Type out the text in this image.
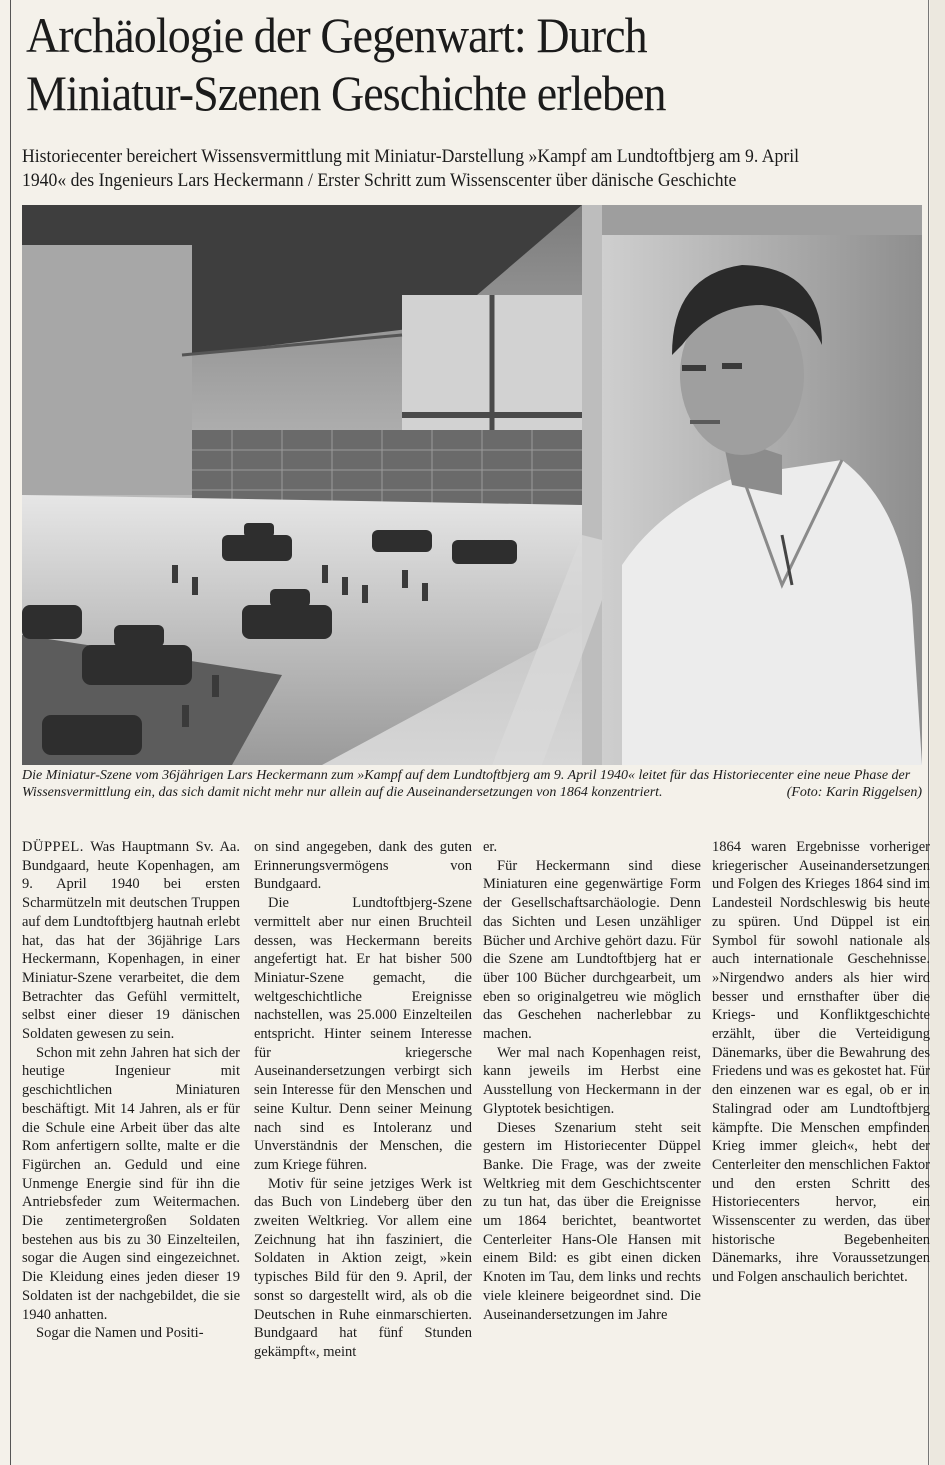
Archäologie der Gegenwart: Durch
Miniatur-Szenen Geschichte erleben

Historiecenter bereichert Wissensvermittlung mit Miniatur-Darstellung »Kampf am Lundtoftbjerg am 9. April
1940« des Ingenieurs Lars Heckermann / Erster Schritt zum Wissenscenter über dänische Geschichte

Die Miniatur-Szene vom 36jährigen Lars Heckermann zum »Kampf auf dem Lundtoftbjerg am 9. April 1940« leitet für das Historiecenter eine neue Phase der Wissensvermittlung ein, das sich damit nicht mehr nur allein auf die Auseinandersetzungen von 1864 konzentriert.	(Foto: Karin Riggelsen)

DÜPPEL. Was Hauptmann Sv. Aa. Bundgaard, heute Kopenhagen, am 9. April 1940 bei ersten Scharmützeln mit deutschen Truppen auf dem Lundtoftbjerg hautnah erlebt hat, das hat der 36jährige Lars Heckermann, Kopenhagen, in einer Miniatur-Szene verarbeitet, die dem Betrachter das Gefühl vermittelt, selbst einer dieser 19 dänischen Soldaten gewesen zu sein.

Schon mit zehn Jahren hat sich der heutige Ingenieur mit geschichtlichen Miniaturen beschäftigt. Mit 14 Jahren, als er für die Schule eine Arbeit über das alte Rom anfertigern sollte, malte er die Figürchen an. Geduld und eine Unmenge Energie sind für ihn die Antriebsfeder zum Weitermachen. Die zentimetergroßen Soldaten bestehen aus bis zu 30 Einzelteilen, sogar die Augen sind eingezeichnet. Die Kleidung eines jeden dieser 19 Soldaten ist der nachgebildet, die sie 1940 anhatten.

Sogar die Namen und Positi-

on sind angegeben, dank des guten Erinnerungsvermögens von Bundgaard.

Die Lundtoftbjerg-Szene vermittelt aber nur einen Bruchteil dessen, was Heckermann bereits angefertigt hat. Er hat bisher 500 Miniatur-Szene gemacht, die weltgeschichtliche Ereignisse nachstellen, was 25.000 Einzelteilen entspricht. Hinter seinem Interesse für kriegersche Auseinandersetzungen verbirgt sich sein Interesse für den Menschen und seine Kultur. Denn seiner Meinung nach sind es Intoleranz und Unverständnis der Menschen, die zum Kriege führen.

Motiv für seine jetziges Werk ist das Buch von Lindeberg über den zweiten Weltkrieg. Vor allem eine Zeichnung hat ihn fasziniert, die Soldaten in Aktion zeigt, »kein typisches Bild für den 9. April, der sonst so dargestellt wird, als ob die Deutschen in Ruhe einmarschierten. Bundgaard hat fünf Stunden gekämpft«, meint

er.

Für Heckermann sind diese Miniaturen eine gegenwärtige Form der Gesellschaftsarchäologie. Denn das Sichten und Lesen unzähliger Bücher und Archive gehört dazu. Für die Szene am Lundtoftbjerg hat er über 100 Bücher durchgearbeit, um eben so originalgetreu wie möglich das Geschehen nacherlebbar zu machen.

Wer mal nach Kopenhagen reist, kann jeweils im Herbst eine Ausstellung von Heckermann in der Glyptotek besichtigen.

Dieses Szenarium steht seit gestern im Historiecenter Düppel Banke. Die Frage, was der zweite Weltkrieg mit dem Geschichtscenter zu tun hat, das über die Ereignisse um 1864 berichtet, beantwortet Centerleiter Hans-Ole Hansen mit einem Bild: es gibt einen dicken Knoten im Tau, dem links und rechts viele kleinere beigeordnet sind. Die Auseinandersetzungen im Jahre

1864 waren Ergebnisse vorheriger kriegerischer Auseinandersetzungen und Folgen des Krieges 1864 sind im Landesteil Nordschleswig bis heute zu spüren. Und Düppel ist ein Symbol für sowohl nationale als auch internationale Geschehnisse. »Nirgendwo anders als hier wird besser und ernsthafter über die Kriegs- und Konfliktgeschichte erzählt, über die Verteidigung Dänemarks, über die Bewahrung des Friedens und was es gekostet hat. Für den einzenen war es egal, ob er in Stalingrad oder am Lundtoftbjerg kämpfte. Die Menschen empfinden Krieg immer gleich«, hebt der Centerleiter den menschlichen Faktor und den ersten Schritt des Historiecenters hervor, ein Wissenscenter zu werden, das über historische Begebenheiten Dänemarks, ihre Voraussetzungen und Folgen anschaulich berichtet.
